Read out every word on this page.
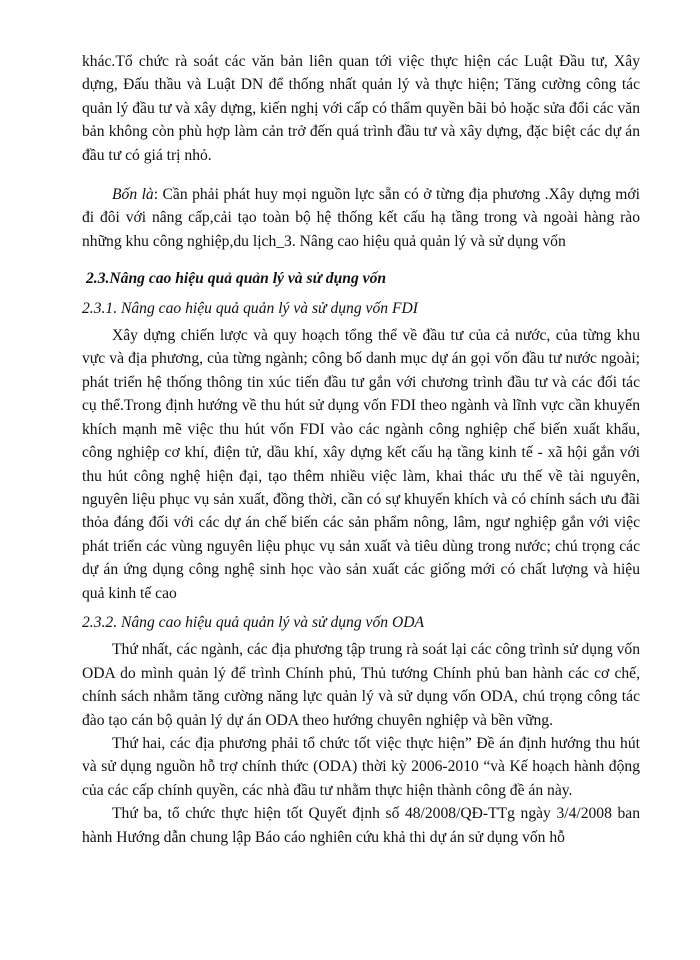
khác.Tổ chức rà soát các văn bản liên quan tới việc thực hiện các Luật Đầu tư, Xây dựng, Đấu thầu và Luật DN để thống nhất quản lý và thực hiện; Tăng cường công tác quản lý đầu tư và xây dựng, kiến nghị với cấp có thẩm quyền bãi bỏ hoặc sửa đổi các văn bản không còn phù hợp làm cản trở đến quá trình đầu tư và xây dựng, đặc biệt các dự án đầu tư có giá trị nhỏ.

Bốn là: Cần phải phát huy mọi nguồn lực sẵn có ở từng địa phương .Xây dựng mới đi đôi với nâng cấp,cải tạo toàn bộ hệ thống kết cấu hạ tầng trong và ngoài hàng rào những khu công nghiệp,du lịch_3. Nâng cao hiệu quả quản lý và sử dụng vốn

2.3.Nâng cao hiệu quả quản lý và sử dụng vốn
2.3.1. Nâng cao hiệu quả quản lý và sử dụng vốn FDI

Xây dựng chiến lược và quy hoạch tổng thể về đầu tư của cả nước, của từng khu vực và địa phương, của từng ngành; công bố danh mục dự án gọi vốn đầu tư nước ngoài; phát triển hệ thống thông tin xúc tiến đầu tư gắn với chương trình đầu tư và các đối tác cụ thể.Trong định hướng về thu hút sử dụng vốn FDI theo ngành và lĩnh vực cần khuyến khích mạnh mẽ việc thu hút vốn FDI vào các ngành công nghiệp chế biến xuất khẩu, công nghiệp cơ khí, điện tử, dầu khí, xây dựng kết cấu hạ tầng kinh tế - xã hội gắn với thu hút công nghệ hiện đại, tạo thêm nhiều việc làm, khai thác ưu thế về tài nguyên, nguyên liệu phục vụ sản xuất, đồng thời, cần có sự khuyến khích và có chính sách ưu đãi thỏa đáng đối với các dự án chế biến các sản phẩm nông, lâm, ngư nghiệp gắn với việc phát triển các vùng nguyên liệu phục vụ sản xuất và tiêu dùng trong nước; chú trọng các dự án ứng dụng công nghệ sinh học vào sản xuất các giống mới có chất lượng và hiệu quả kinh tế cao

2.3.2. Nâng cao hiệu quả quản lý và sử dụng vốn ODA

Thứ nhất, các ngành, các địa phương tập trung rà soát lại các công trình sử dụng vốn ODA do mình quản lý để trình Chính phủ, Thủ tướng Chính phủ ban hành các cơ chế, chính sách nhằm tăng cường năng lực quản lý và sử dụng vốn ODA, chú trọng công tác đào tạo cán bộ quản lý dự án ODA theo hướng chuyên nghiệp và bền vững.

Thứ hai, các địa phương phải tổ chức tốt việc thực hiện” Đề án định hướng thu hút và sử dụng nguồn hỗ trợ chính thức (ODA) thời kỳ 2006-2010 “và Kế hoạch hành động của các cấp chính quyền, các nhà đầu tư nhằm thực hiện thành công đề án này.

Thứ ba, tổ chức thực hiện tốt Quyết định số 48/2008/QĐ-TTg ngày 3/4/2008 ban hành Hướng dẫn chung lập Báo cáo nghiên cứu khả thi dự án sử dụng vốn hỗ
